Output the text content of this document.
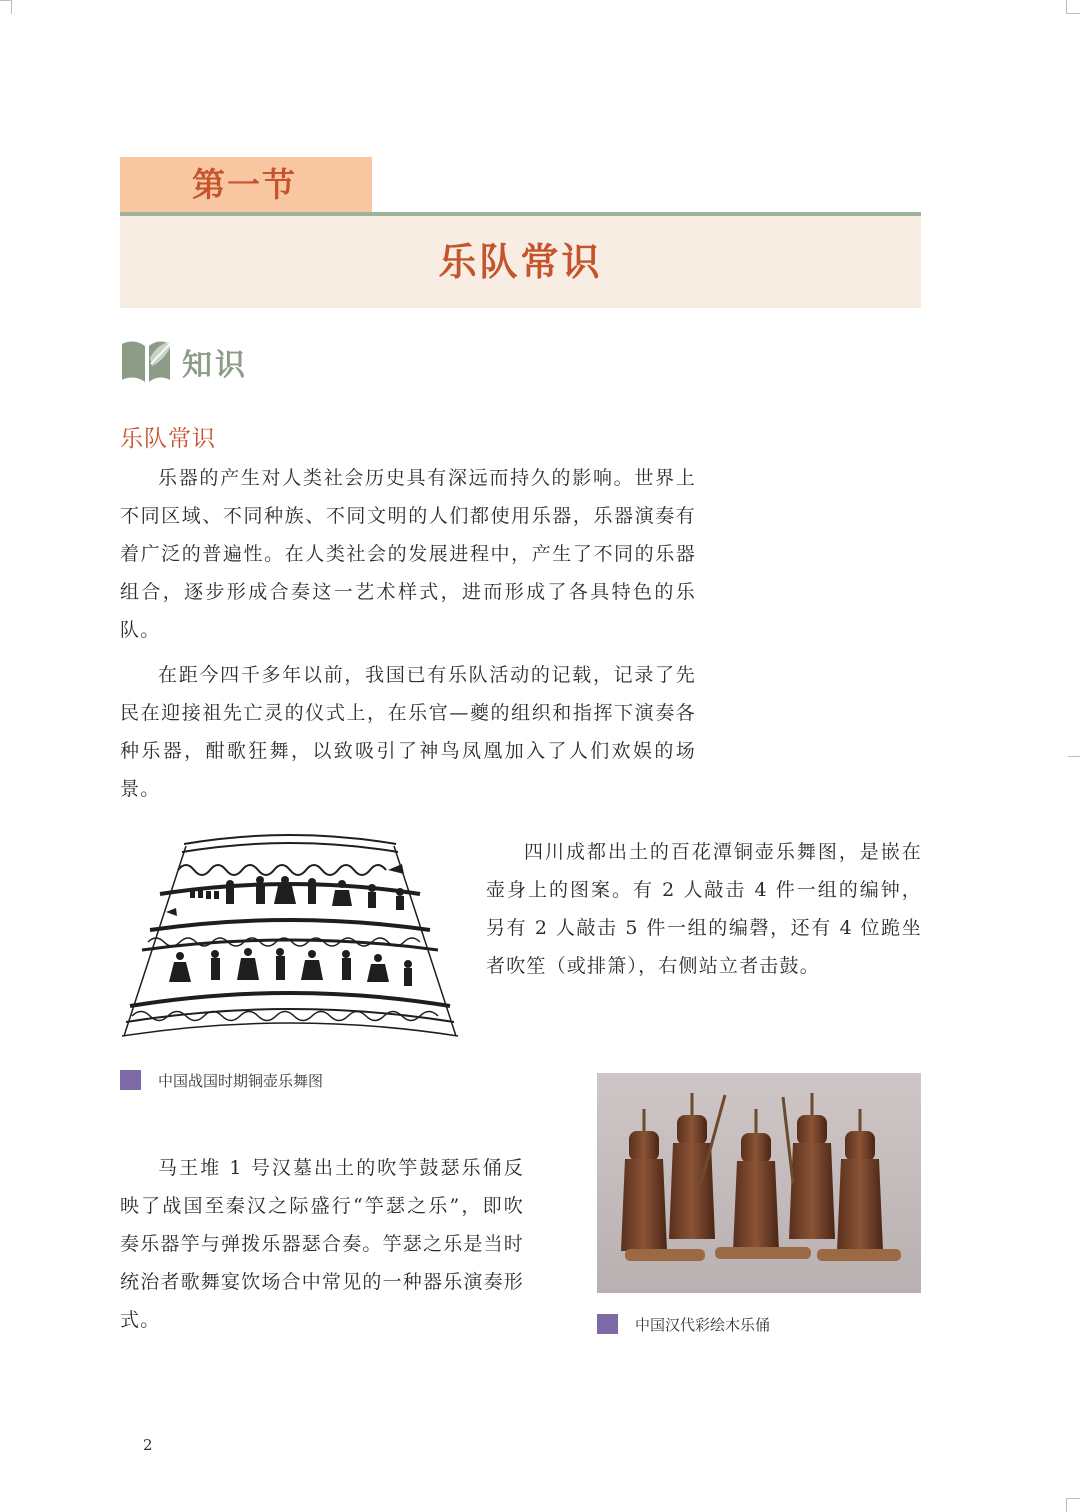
第一节
乐队常识
知识
乐队常识

乐器的产生对人类社会历史具有深远而持久的影响。世界上不同区域、不同种族、不同文明的人们都使用乐器，乐器演奏有着广泛的普遍性。在人类社会的发展进程中，产生了不同的乐器组合，逐步形成合奏这一艺术样式，进而形成了各具特色的乐队。

在距今四千多年以前，我国已有乐队活动的记载，记录了先民在迎接祖先亡灵的仪式上，在乐官—夔的组织和指挥下演奏各种乐器，酣歌狂舞，以致吸引了神鸟凤凰加入了人们欢娱的场景。

四川成都出土的百花潭铜壶乐舞图，是嵌在壶身上的图案。有 2 人敲击 4 件一组的编钟，另有 2 人敲击 5 件一组的编磬，还有 4 位跪坐者吹笙（或排箫），右侧站立者击鼓。

中国战国时期铜壶乐舞图

马王堆 1 号汉墓出土的吹竽鼓瑟乐俑反映了战国至秦汉之际盛行“竽瑟之乐”，即吹奏乐器竽与弹拨乐器瑟合奏。竽瑟之乐是当时统治者歌舞宴饮场合中常见的一种器乐演奏形式。	中国汉代彩绘木乐俑
2
